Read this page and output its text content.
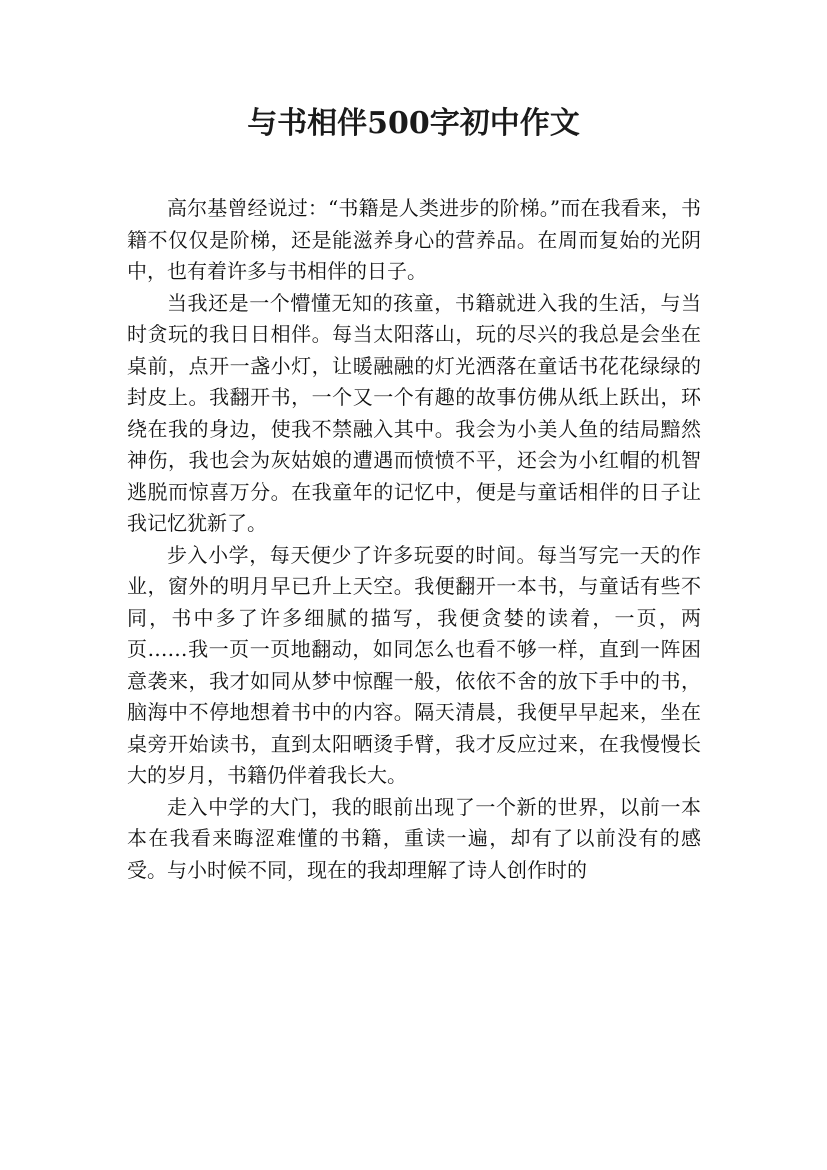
与书相伴500字初中作文

高尔基曾经说过：“书籍是人类进步的阶梯。”而在我看来，书籍不仅仅是阶梯，还是能滋养身心的营养品。在周而复始的光阴中，也有着许多与书相伴的日子。

当我还是一个懵懂无知的孩童，书籍就进入我的生活，与当时贪玩的我日日相伴。每当太阳落山，玩的尽兴的我总是会坐在桌前，点开一盏小灯，让暖融融的灯光洒落在童话书花花绿绿的封皮上。我翻开书，一个又一个有趣的故事仿佛从纸上跃出，环绕在我的身边，使我不禁融入其中。我会为小美人鱼的结局黯然神伤，我也会为灰姑娘的遭遇而愤愤不平，还会为小红帽的机智逃脱而惊喜万分。在我童年的记忆中，便是与童话相伴的日子让我记忆犹新了。

步入小学，每天便少了许多玩耍的时间。每当写完一天的作业，窗外的明月早已升上天空。我便翻开一本书，与童话有些不同，书中多了许多细腻的描写，我便贪婪的读着，一页，两页……我一页一页地翻动，如同怎么也看不够一样，直到一阵困意袭来，我才如同从梦中惊醒一般，依依不舍的放下手中的书，脑海中不停地想着书中的内容。隔天清晨，我便早早起来，坐在桌旁开始读书，直到太阳晒烫手臂，我才反应过来，在我慢慢长大的岁月，书籍仍伴着我长大。

走入中学的大门，我的眼前出现了一个新的世界，以前一本本在我看来晦涩难懂的书籍，重读一遍，却有了以前没有的感受。与小时候不同，现在的我却理解了诗人创作时的
